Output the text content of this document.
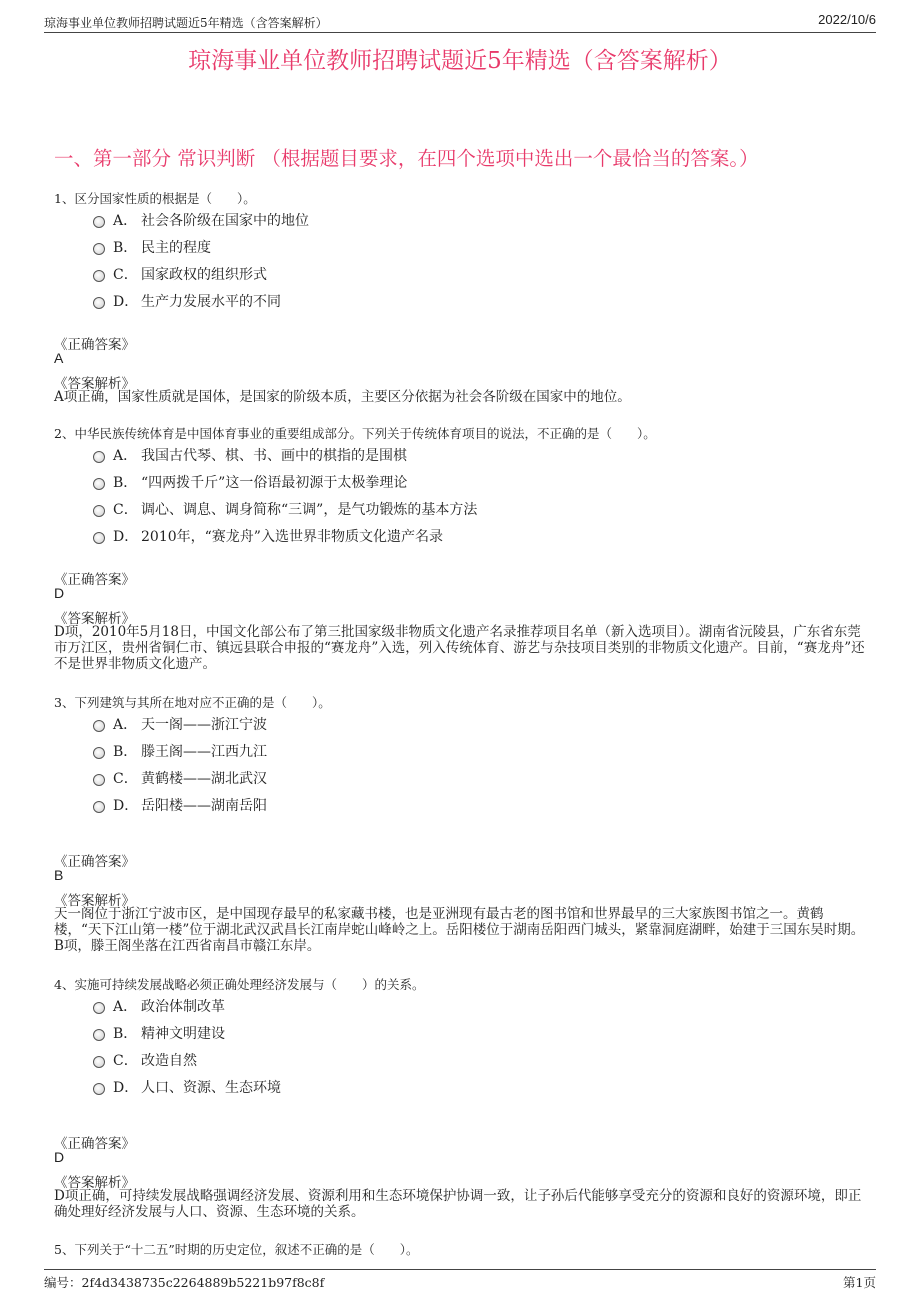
琼海事业单位教师招聘试题近5年精选（含答案解析）	2022/10/6
琼海事业单位教师招聘试题近5年精选（含答案解析）
一、第一部分 常识判断 （根据题目要求，在四个选项中选出一个最恰当的答案。）
1、区分国家性质的根据是（　　）。
A． 社会各阶级在国家中的地位
B． 民主的程度
C． 国家政权的组织形式
D． 生产力发展水平的不同
《正确答案》
A
《答案解析》
A项正确，国家性质就是国体，是国家的阶级本质，主要区分依据为社会各阶级在国家中的地位。
2、中华民族传统体育是中国体育事业的重要组成部分。下列关于传统体育项目的说法，不正确的是（　　）。
A． 我国古代琴、棋、书、画中的棋指的是围棋
B． “四两拨千斤”这一俗语最初源于太极拳理论
C． 调心、调息、调身简称“三调”，是气功锻炼的基本方法
D． 2010年，“赛龙舟”入选世界非物质文化遗产名录
《正确答案》
D
《答案解析》
D项，2010年5月18日，中国文化部公布了第三批国家级非物质文化遗产名录推荐项目名单（新入选项目）。湖南省沅陵县，广东省东莞市万江区，贵州省铜仁市、镇远县联合申报的“赛龙舟”入选，列入传统体育、游艺与杂技项目类别的非物质文化遗产。目前，“赛龙舟”还不是世界非物质文化遗产。
3、下列建筑与其所在地对应不正确的是（　　）。
A． 天一阁——浙江宁波
B． 滕王阁——江西九江
C． 黄鹤楼——湖北武汉
D． 岳阳楼——湖南岳阳
《正确答案》
B
《答案解析》
天一阁位于浙江宁波市区，是中国现存最早的私家藏书楼，也是亚洲现有最古老的图书馆和世界最早的三大家族图书馆之一。黄鹤楼，“天下江山第一楼”位于湖北武汉武昌长江南岸蛇山峰岭之上。岳阳楼位于湖南岳阳西门城头，紧靠洞庭湖畔，始建于三国东吴时期。B项，滕王阁坐落在江西省南昌市赣江东岸。
4、实施可持续发展战略必须正确处理经济发展与（　　）的关系。
A． 政治体制改革
B． 精神文明建设
C． 改造自然
D． 人口、资源、生态环境
《正确答案》
D
《答案解析》
D项正确，可持续发展战略强调经济发展、资源利用和生态环境保护协调一致，让子孙后代能够享受充分的资源和良好的资源环境，即正确处理好经济发展与人口、资源、生态环境的关系。
5、下列关于“十二五”时期的历史定位，叙述不正确的是（　　）。
编号：2f4d3438735c2264889b5221b97f8c8f	第1页
